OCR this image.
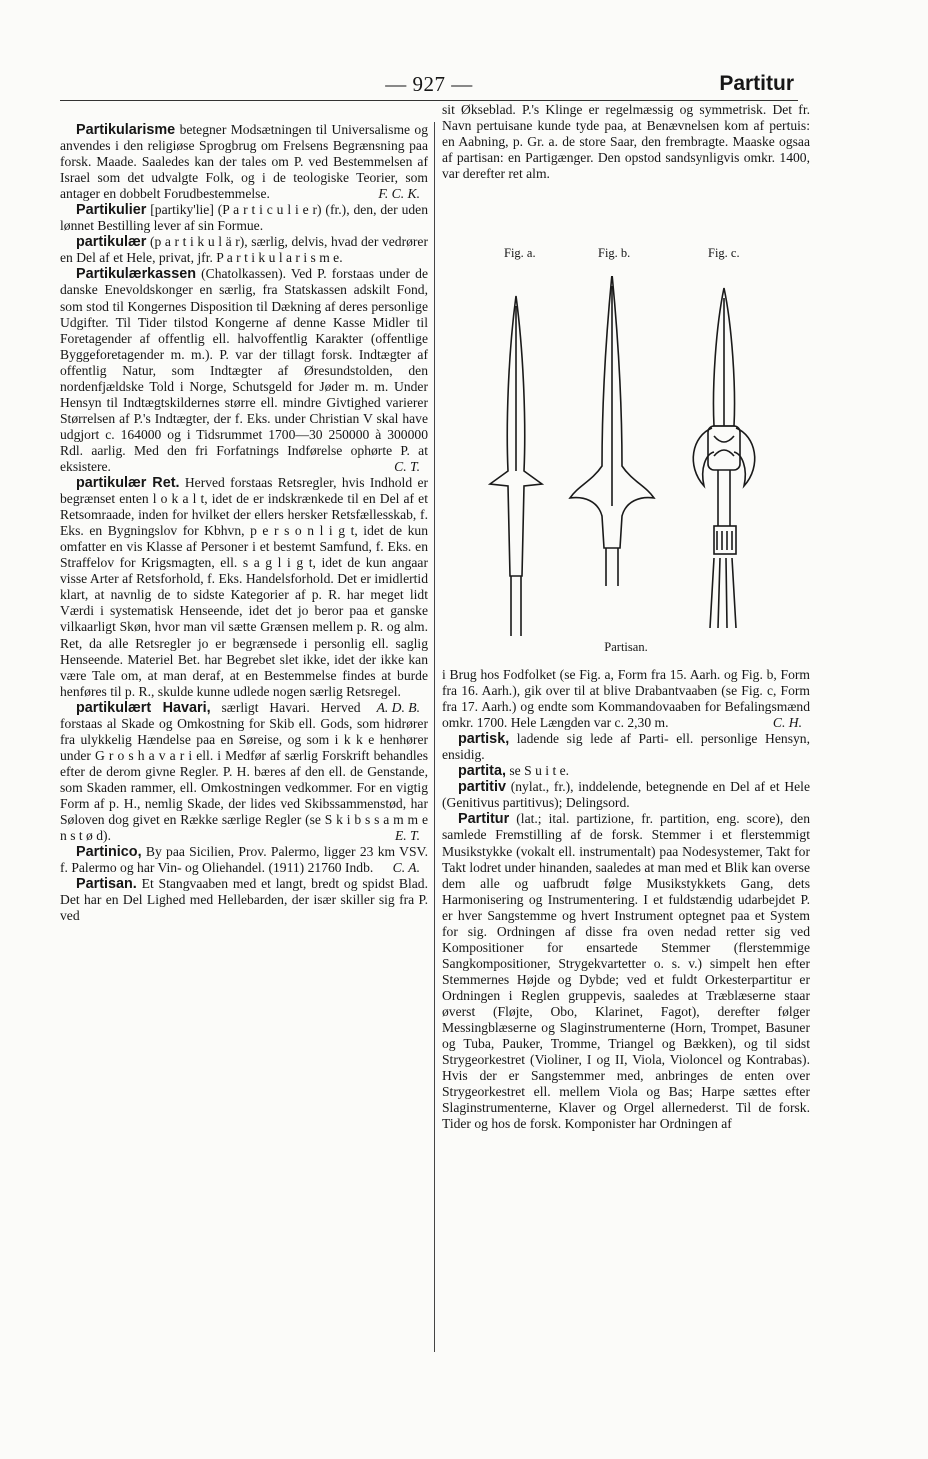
— 927 —	Partitur

Partikularisme betegner Modsætningen til Universalisme og anvendes i den religiøse Sprogbrug om Frelsens Begrænsning paa forsk. Maade. Saaledes kan der tales om P. ved Bestemmelsen af Israel som det udvalgte Folk, og i de teologiske Teorier, som antager en dobbelt Forudbestemmelse.	F. C. K.

Partikulier [partiky'lie] (P a r t i c u l i e r) (fr.), den, der uden lønnet Bestilling lever af sin Formue.

partikulær (p a r t i k u l ä r), særlig, delvis, hvad der vedrører en Del af et Hele, privat, jfr. P a r t i k u l a r i s m e.

Partikulærkassen (Chatolkassen). Ved P. forstaas under de danske Enevoldskonger en særlig, fra Statskassen adskilt Fond, som stod til Kongernes Disposition til Dækning af deres personlige Udgifter. Til Tider tilstod Kongerne af denne Kasse Midler til Foretagender af offentlig ell. halvoffentlig Karakter (offentlige Byggeforetagender m. m.). P. var der tillagt forsk. Indtægter af offentlig Natur, som Indtægter af Øresundstolden, den nordenfjældske Told i Norge, Schutsgeld for Jøder m. m. Under Hensyn til Indtægtskildernes større ell. mindre Givtighed varierer Størrelsen af P.'s Indtægter, der f. Eks. under Christian V skal have udgjort c. 164000 og i Tidsrummet 1700—30 250000 à 300000 Rdl. aarlig. Med den fri Forfatnings Indførelse ophørte P. at eksistere.	C. T.

partikulær Ret. Herved forstaas Retsregler, hvis Indhold er begrænset enten l o k a l t, idet de er indskrænkede til en Del af et Retsomraade, inden for hvilket der ellers hersker Retsfællesskab, f. Eks. en Bygningslov for Kbhvn, p e r s o n l i g t, idet de kun omfatter en vis Klasse af Personer i et bestemt Samfund, f. Eks. en Straffelov for Krigsmagten, ell. s a g l i g t, idet de kun angaar visse Arter af Retsforhold, f. Eks. Handelsforhold. Det er imidlertid klart, at navnlig de to sidste Kategorier af p. R. har meget lidt Værdi i systematisk Henseende, idet det jo beror paa et ganske vilkaarligt Skøn, hvor man vil sætte Grænsen mellem p. R. og alm. Ret, da alle Retsregler jo er begrænsede i personlig ell. saglig Henseende. Materiel Bet. har Begrebet slet ikke, idet der ikke kan være Tale om, at man deraf, at en Bestemmelse findes at burde henføres til p. R., skulde kunne udlede nogen særlig Retsregel.
A. D. B.

partikulært Havari, særligt Havari. Herved forstaas al Skade og Omkostning for Skib ell. Gods, som hidrører fra ulykkelig Hændelse paa en Søreise, og som i k k e henhører under G r o s h a v a r i ell. i Medfør af særlig Forskrift behandles efter de derom givne Regler. P. H. bæres af den ell. de Genstande, som Skaden rammer, ell. Omkostningen vedkommer. For en vigtig Form af p. H., nemlig Skade, der lides ved Skibssammenstød, har Søloven dog givet en Række særlige Regler (se S k i b s s a m m e n s t ø d).	E. T.

Partinico, By paa Sicilien, Prov. Palermo, ligger 23 km VSV. f. Palermo og har Vin- og Oliehandel. (1911) 21760 Indb.	C. A.

Partisan. Et Stangvaaben med et langt, bredt og spidst Blad. Det har en Del Lighed med Hellebarden, der især skiller sig fra P. ved

sit Økseblad. P.'s Klinge er regelmæssig og symmetrisk. Det fr. Navn pertuisane kunde tyde paa, at Benævnelsen kom af pertuis: en Aabning, p. Gr. a. de store Saar, den frembragte. Maaske ogsaa af partisan: en Partigænger. Den opstod sandsynligvis omkr. 1400, var derefter ret alm.

Fig. a.	Fig. b.	Fig. c.
Partisan.

i Brug hos Fodfolket (se Fig. a, Form fra 15. Aarh. og Fig. b, Form fra 16. Aarh.), gik over til at blive Drabantvaaben (se Fig. c, Form fra 17. Aarh.) og endte som Kommandovaaben for Befalingsmænd omkr. 1700. Hele Længden var c. 2,30 m.	C. H.

partisk, ladende sig lede af Parti- ell. personlige Hensyn, ensidig.

partita, se S u i t e.

partitiv (nylat., fr.), inddelende, betegnende en Del af et Hele (Genitivus partitivus); Delingsord.

Partitur (lat.; ital. partizione, fr. partition, eng. score), den samlede Fremstilling af de forsk. Stemmer i et flerstemmigt Musikstykke (vokalt ell. instrumentalt) paa Nodesystemer, Takt for Takt lodret under hinanden, saaledes at man med et Blik kan overse dem alle og uafbrudt følge Musikstykkets Gang, dets Harmonisering og Instrumentering. I et fuldstændig udarbejdet P. er hver Sangstemme og hvert Instrument optegnet paa et System for sig. Ordningen af disse fra oven nedad retter sig ved Kompositioner for ensartede Stemmer (flerstemmige Sangkompositioner, Strygekvartetter o. s. v.) simpelt hen efter Stemmernes Højde og Dybde; ved et fuldt Orkesterpartitur er Ordningen i Reglen gruppevis, saaledes at Træblæserne staar øverst (Fløjte, Obo, Klarinet, Fagot), derefter følger Messingblæserne og Slaginstrumenterne (Horn, Trompet, Basuner og Tuba, Pauker, Tromme, Triangel og Bækken), og til sidst Strygeorkestret (Violiner, I og II, Viola, Violoncel og Kontrabas). Hvis der er Sangstemmer med, anbringes de enten over Strygeorkestret ell. mellem Viola og Bas; Harpe sættes efter Slaginstrumenterne, Klaver og Orgel allernederst. Til de forsk. Tider og hos de forsk. Komponister har Ordningen af
